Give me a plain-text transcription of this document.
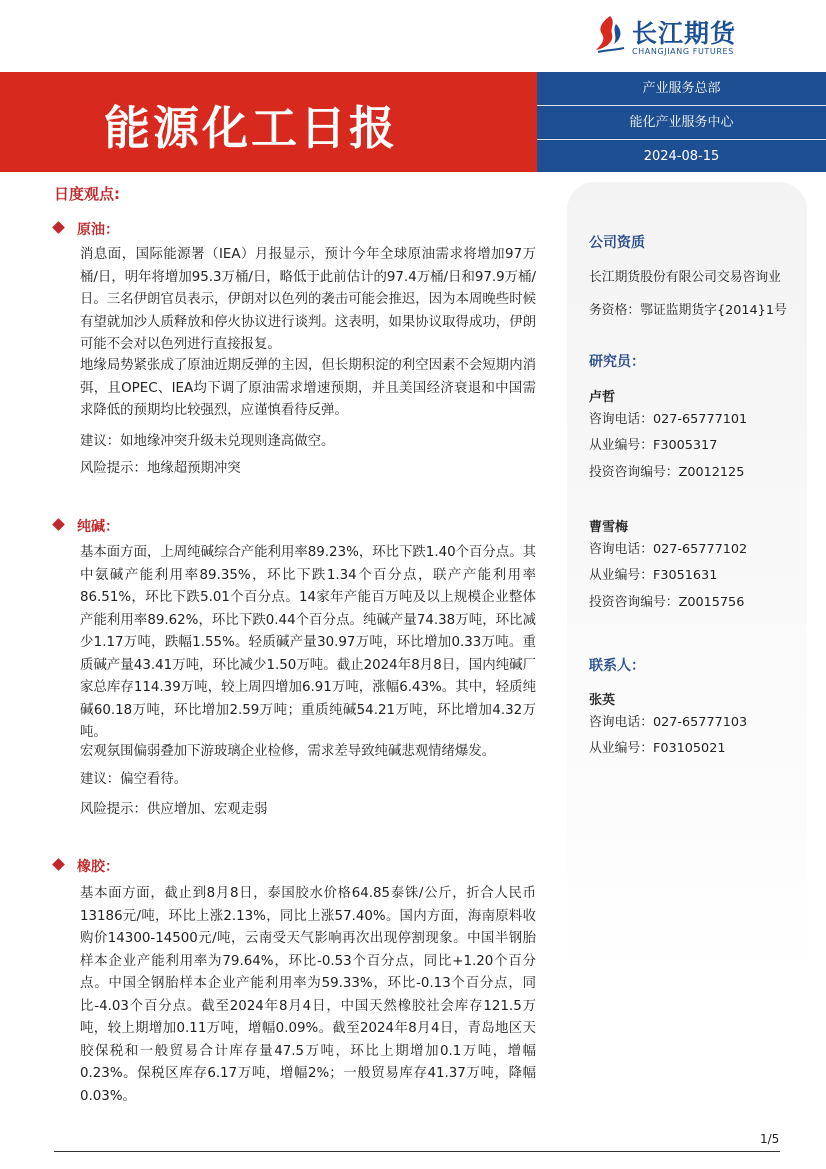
长江期货
CHANGJIANG FUTURES
能源化工日报
产业服务总部
能化产业服务中心
2024-08-15
日度观点:
原油：
消息面，国际能源署（IEA）月报显示，预计今年全球原油需求将增加97万桶/日，明年将增加95.3万桶/日，略低于此前估计的97.4万桶/日和97.9万桶/日。三名伊朗官员表示，伊朗对以色列的袭击可能会推迟，因为本周晚些时候有望就加沙人质释放和停火协议进行谈判。这表明，如果协议取得成功，伊朗可能不会对以色列进行直接报复。
地缘局势紧张成了原油近期反弹的主因，但长期积淀的利空因素不会短期内消弭，且OPEC、IEA均下调了原油需求增速预期，并且美国经济衰退和中国需求降低的预期均比较强烈，应谨慎看待反弹。
建议：如地缘冲突升级未兑现则逢高做空。
风险提示：地缘超预期冲突
纯碱：
基本面方面，上周纯碱综合产能利用率89.23%，环比下跌1.40个百分点。其中氨碱产能利用率89.35%，环比下跌1.34个百分点，联产产能利用率86.51%，环比下跌5.01个百分点。14家年产能百万吨及以上规模企业整体产能利用率89.62%，环比下跌0.44个百分点。纯碱产量74.38万吨，环比减少1.17万吨，跌幅1.55%。轻质碱产量30.97万吨，环比增加0.33万吨。重质碱产量43.41万吨，环比减少1.50万吨。截止2024年8月8日，国内纯碱厂家总库存114.39万吨，较上周四增加6.91万吨，涨幅6.43%。其中，轻质纯碱60.18万吨，环比增加2.59万吨；重质纯碱54.21万吨，环比增加4.32万吨。
宏观氛围偏弱叠加下游玻璃企业检修，需求差导致纯碱悲观情绪爆发。
建议：偏空看待。
风险提示：供应增加、宏观走弱
橡胶：
基本面方面，截止到8月8日，泰国胶水价格64.85泰铢/公斤，折合人民币13186元/吨，环比上涨2.13%，同比上涨57.40%。国内方面，海南原料收购价14300-14500元/吨，云南受天气影响再次出现停割现象。中国半钢胎样本企业产能利用率为79.64%，环比-0.53个百分点，同比+1.20个百分点。中国全钢胎样本企业产能利用率为59.33%，环比-0.13个百分点，同比-4.03个百分点。截至2024年8月4日，中国天然橡胶社会库存121.5万吨，较上期增加0.11万吨，增幅0.09%。截至2024年8月4日，青岛地区天胶保税和一般贸易合计库存量47.5万吨，环比上期增加0.1万吨，增幅0.23%。保税区库存6.17万吨，增幅2%；一般贸易库存41.37万吨，降幅0.03%。
公司资质
长江期货股份有限公司交易咨询业
务资格：鄂证监期货字{2014}1号
研究员：
卢哲
咨询电话：027-65777101
从业编号：F3005317
投资咨询编号：Z0012125
曹雪梅
咨询电话：027-65777102
从业编号：F3051631
投资咨询编号：Z0015756
联系人：
张英
咨询电话：027-65777103
从业编号：F03105021
1/5
